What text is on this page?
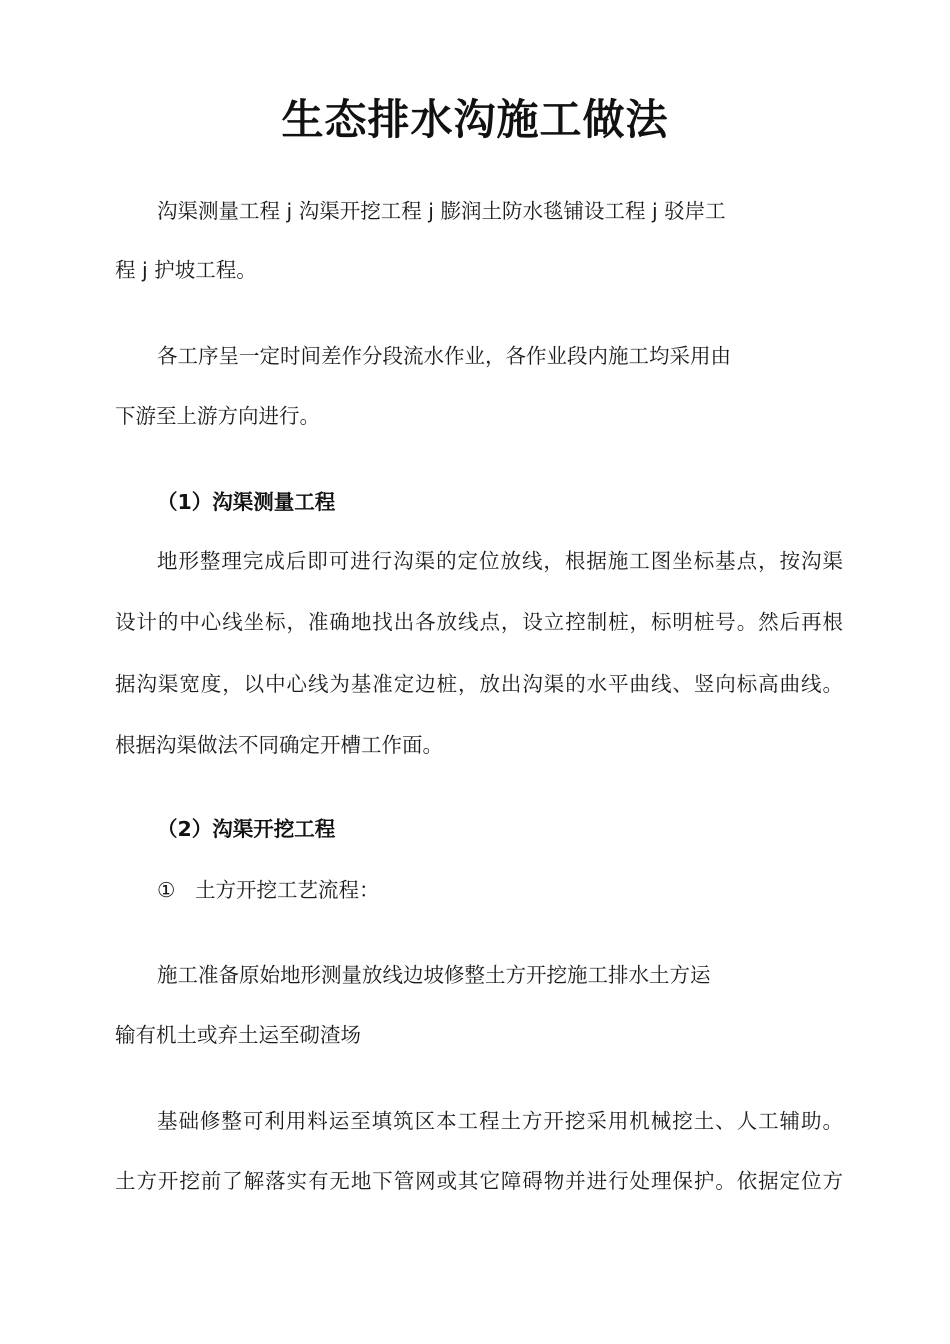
生态排水沟施工做法
沟渠测量工程 j 沟渠开挖工程 j 膨润土防水毯铺设工程 j 驳岸工
程 j 护坡工程。
各工序呈一定时间差作分段流水作业，各作业段内施工均采用由
下游至上游方向进行。
（1）沟渠测量工程
地形整理完成后即可进行沟渠的定位放线，根据施工图坐标基点，按沟渠
设计的中心线坐标，准确地找出各放线点，设立控制桩，标明桩号。然后再根
据沟渠宽度，以中心线为基准定边桩，放出沟渠的水平曲线、竖向标高曲线。
根据沟渠做法不同确定开槽工作面。
（2）沟渠开挖工程
① 土方开挖工艺流程：
施工准备原始地形测量放线边坡修整土方开挖施工排水土方运
输有机土或弃土运至砌渣场
基础修整可利用料运至填筑区本工程土方开挖采用机械挖土、人工辅助。
土方开挖前了解落实有无地下管网或其它障碍物并进行处理保护。依据定位方
